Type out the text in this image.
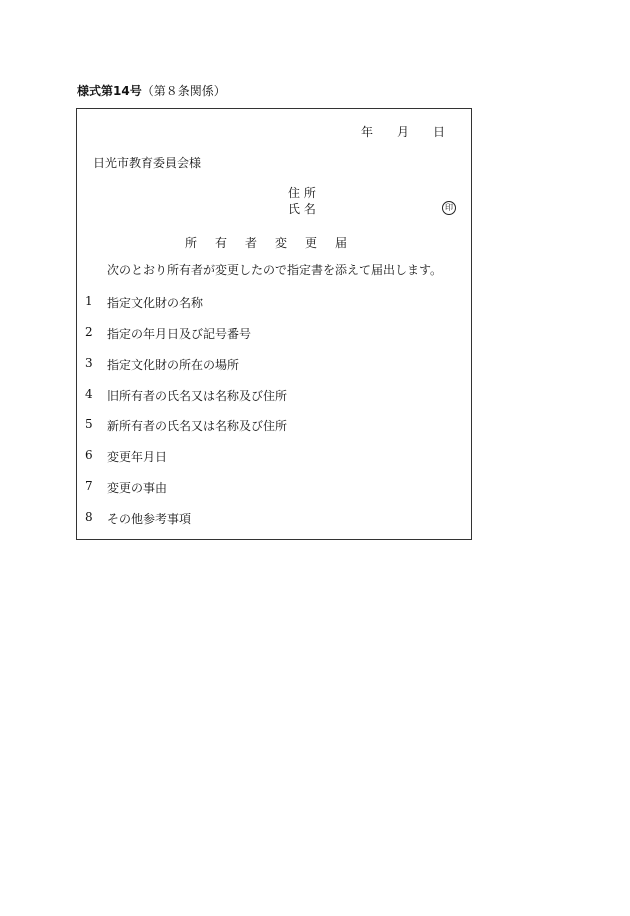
様式第14号（第８条関係）
年 月 日
日光市教育委員会様
住 所
氏 名	印
所有者変更届
次のとおり所有者が変更したので指定書を添えて届出します。
1 指定文化財の名称
2 指定の年月日及び記号番号
3 指定文化財の所在の場所
4 旧所有者の氏名又は名称及び住所
5 新所有者の氏名又は名称及び住所
6 変更年月日
7 変更の事由
8 その他参考事項
